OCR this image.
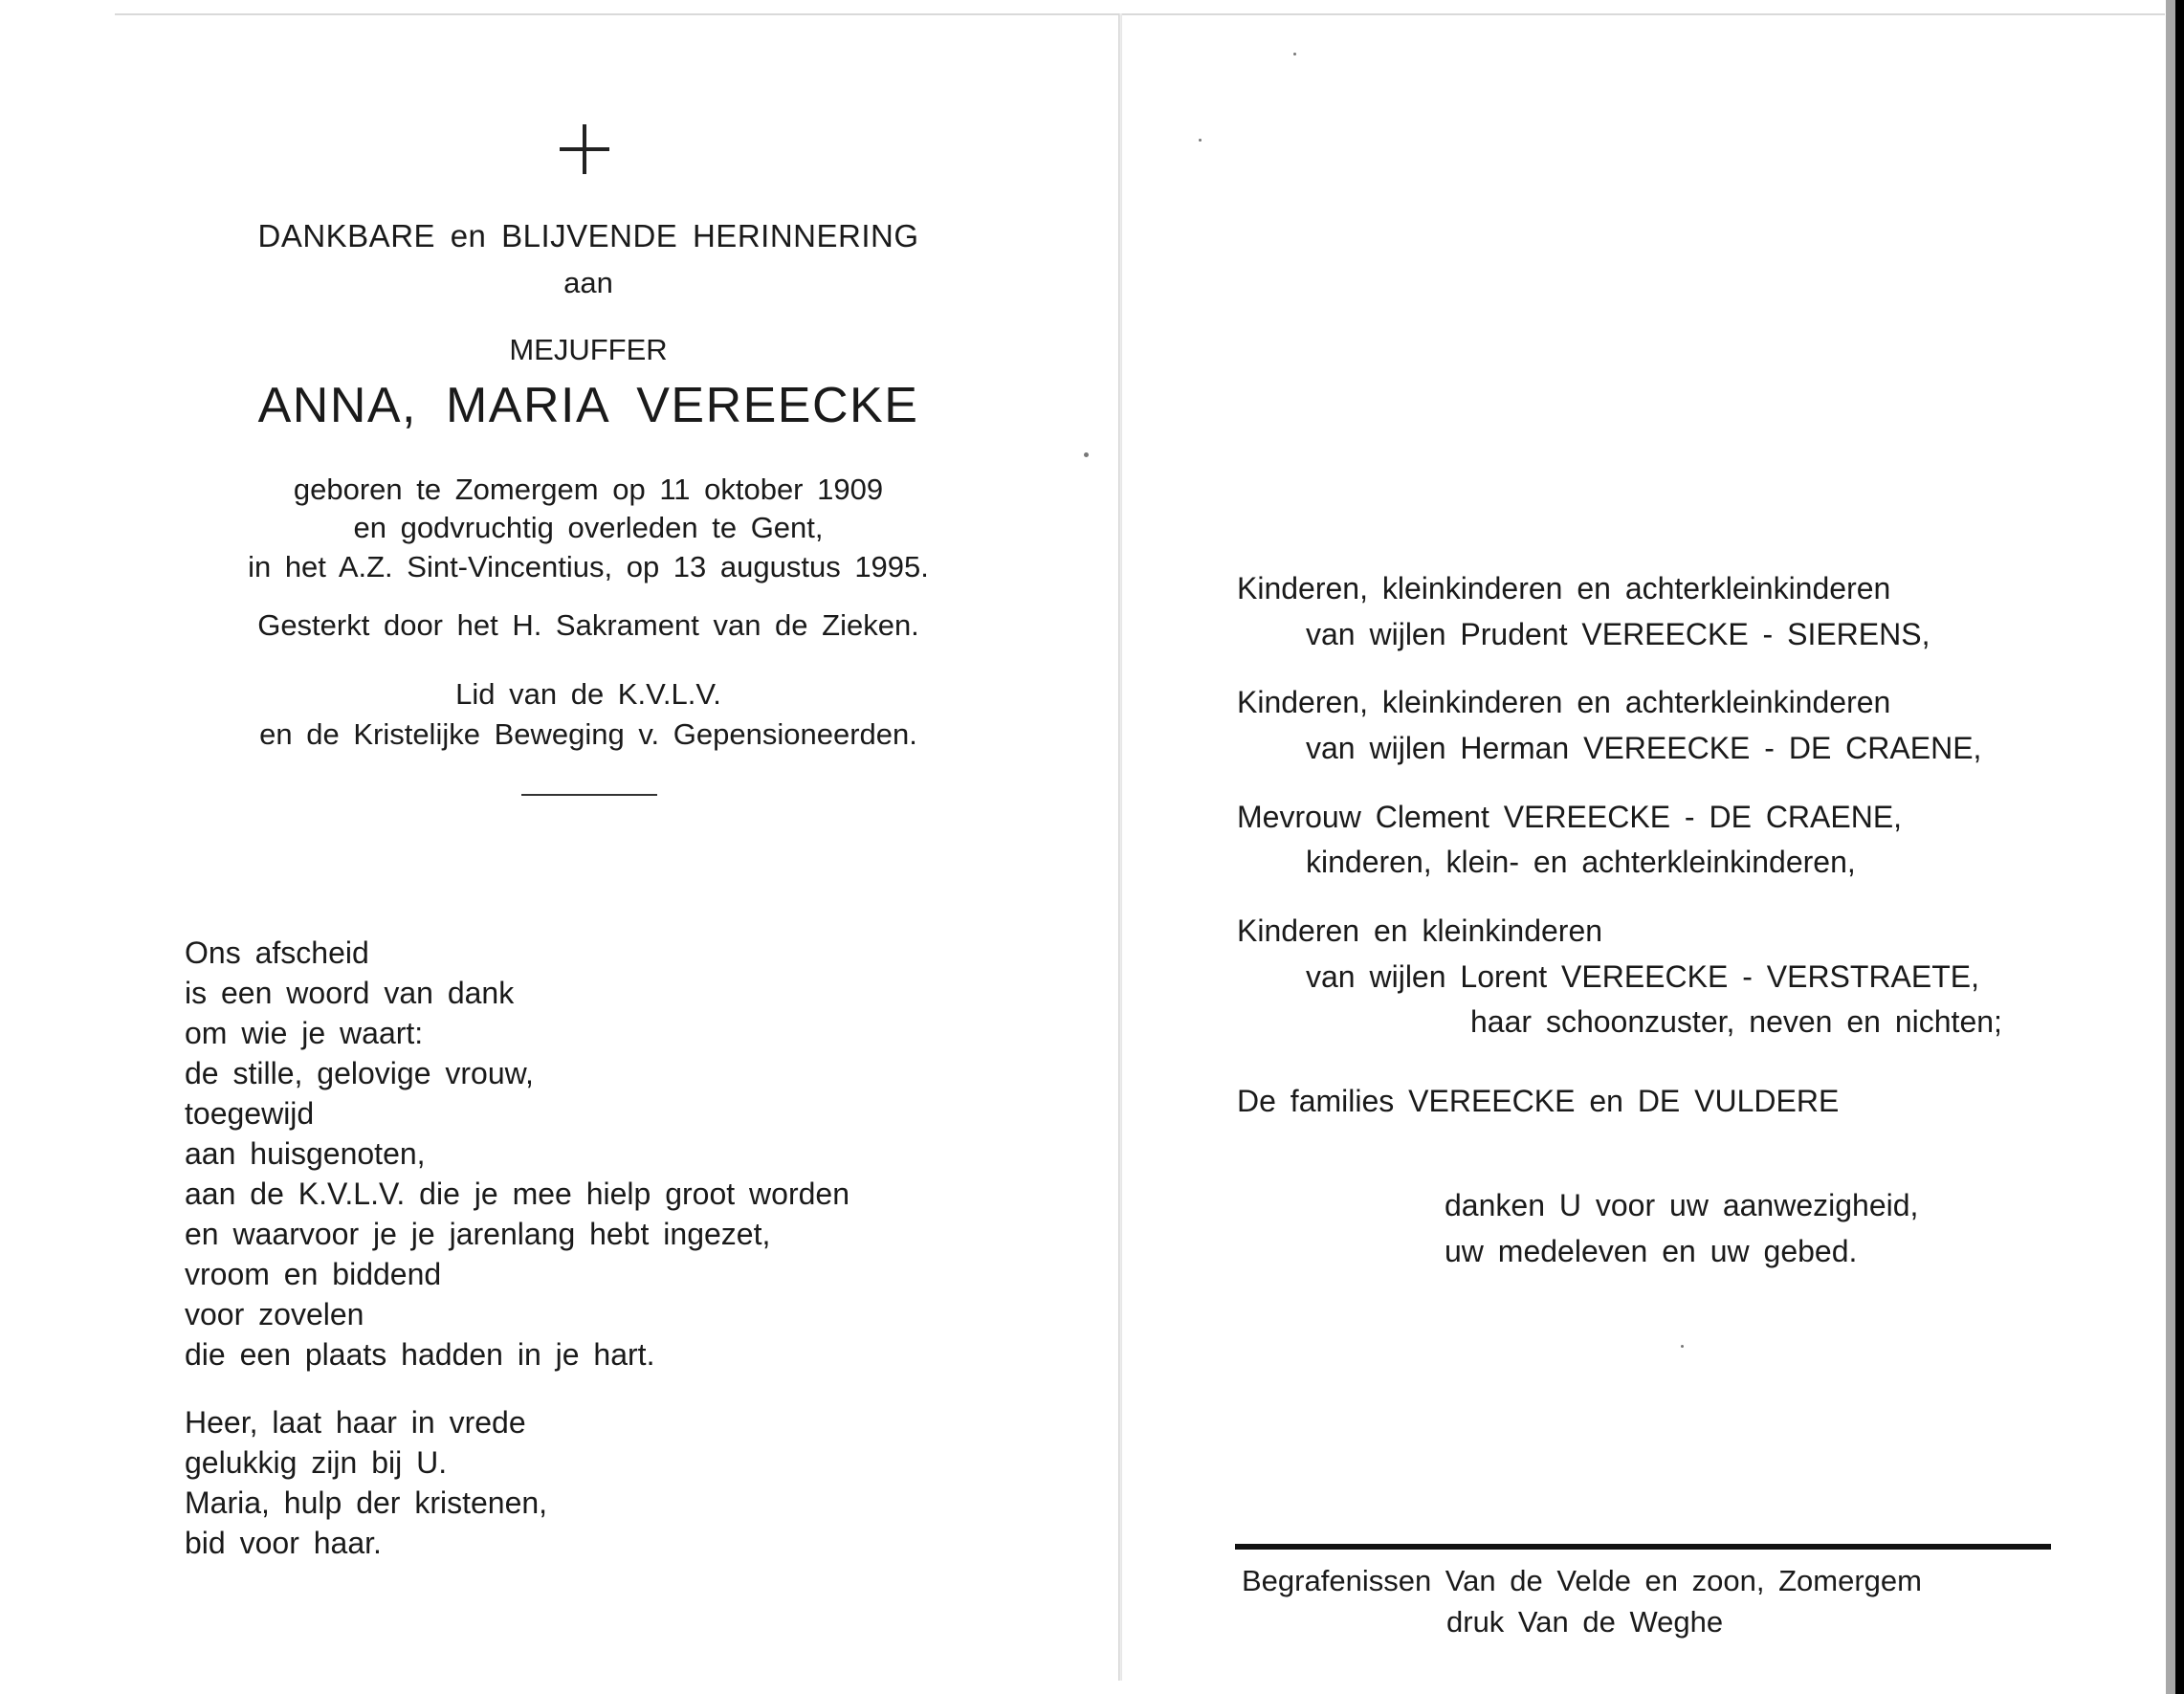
DANKBARE en BLIJVENDE HERINNERING
aan
MEJUFFER
ANNA, MARIA VEREECKE
geboren te Zomergem op 11 oktober 1909
en godvruchtig overleden te Gent,
in het A.Z. Sint-Vincentius, op 13 augustus 1995.
Gesterkt door het H. Sakrament van de Zieken.
Lid van de K.V.L.V.
en de Kristelijke Beweging v. Gepensioneerden.
Ons afscheid
is een woord van dank
om wie je waart:
de stille, gelovige vrouw,
toegewijd
aan huisgenoten,
aan de K.V.L.V. die je mee hielp groot worden
en waarvoor je je jarenlang hebt ingezet,
vroom en biddend
voor zovelen
die een plaats hadden in je hart.
Heer, laat haar in vrede
gelukkig zijn bij U.
Maria, hulp der kristenen,
bid voor haar.
Kinderen, kleinkinderen en achterkleinkinderen
van wijlen Prudent VEREECKE - SIERENS,
Kinderen, kleinkinderen en achterkleinkinderen
van wijlen Herman VEREECKE - DE CRAENE,
Mevrouw Clement VEREECKE - DE CRAENE,
kinderen, klein- en achterkleinkinderen,
Kinderen en kleinkinderen
van wijlen Lorent VEREECKE - VERSTRAETE,
haar schoonzuster, neven en nichten;
De families VEREECKE en DE VULDERE
danken U voor uw aanwezigheid,
uw medeleven en uw gebed.
Begrafenissen Van de Velde en zoon, Zomergem
druk Van de Weghe
